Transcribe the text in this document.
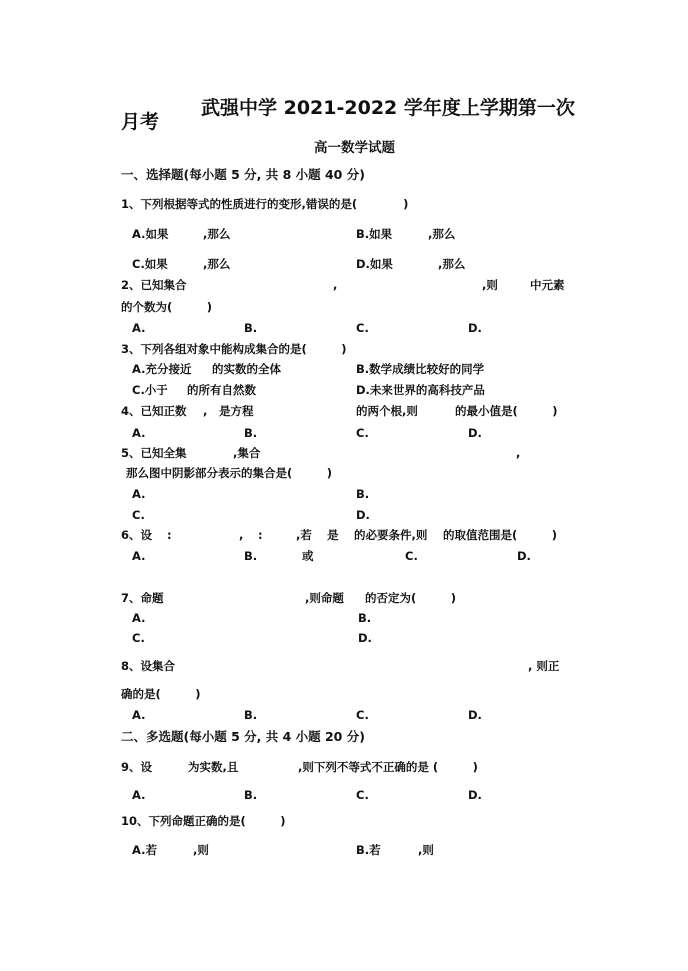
武强中学 2021-2022 学年度上学期第一次
月考
高一数学试题
一、选择题(每小题 5 分, 共 8 小题 40 分)
1、下列根据等式的性质进行的变形,错误的是(　　　　)
A.如果	,那么	B.如果	,那么
C.如果	,那么	D.如果	,那么
2、已知集合	,	,则	中元素
的个数为(　　　)
A.	B.	C.	D.
3、下列各组对象中能构成集合的是(　　　)
A.充分接近 的实数的全体	B.数学成绩比较好的同学
C.小于 的所有自然数	D.未来世界的高科技产品
4、已知正数 , 是方程	的两个根,则	的最小值是(　　　)
A.	B.	C.	D.
5、已知全集	,集合	,
那么图中阴影部分表示的集合是(　　　)
A.	B.
C.	D.
6、设 :	, :	,若 是 的必要条件,则 的取值范围是(　　　)
A.	B.	或	C.	D.
7、命题	,则命题 的否定为(　　　)
A.	B.
C.	D.
8、设集合	, 则正
确的是(　　　)
A.	B.	C.	D.
二、多选题(每小题 5 分, 共 4 小题 20 分)
9、设	为实数,且	,则下列不等式不正确的是 (　　　)
A.	B.	C.	D.
10、下列命题正确的是(　　　)
A.若	,则	B.若	,则
